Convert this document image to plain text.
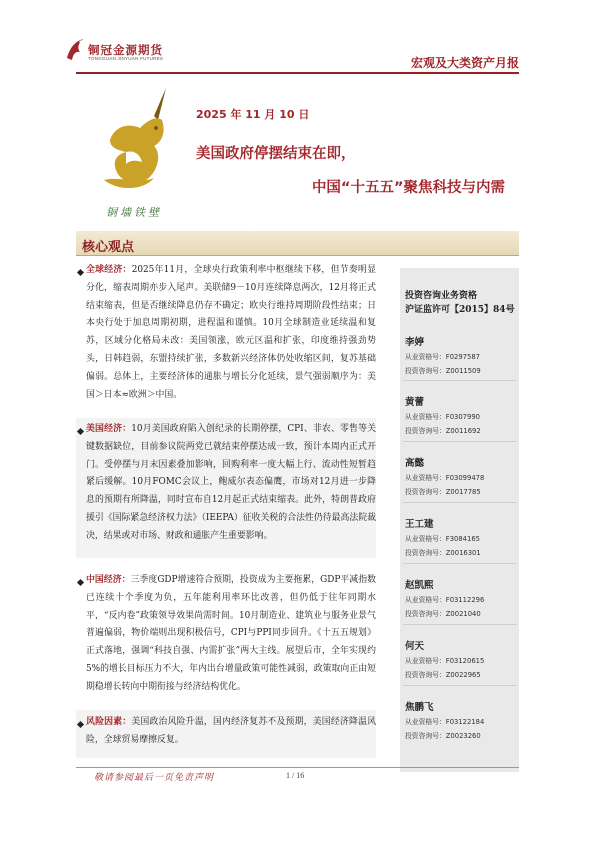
铜冠金源期货
TONGGUAN JINYUAN FUTURES	宏观及大类资产月报
铜墙铁壁
2025 年 11 月 10 日
美国政府停摆结束在即，
中国“十五五”聚焦科技与内需
核心观点
全球经济：2025年11月，全球央行政策利率中枢继续下移，但节奏明显分化，缩表周期亦步入尾声。美联储9－10月连续降息两次，12月将正式结束缩表，但是否继续降息仍存不确定；欧央行维持周期阶段性结束；日本央行处于加息周期初期，进程温和谨慎。10月全球制造业延续温和复苏，区域分化格局未改：美国领涨，欧元区温和扩张，印度维持强劲势头，日韩趋弱，东盟持续扩张，多数新兴经济体仍处收缩区间，复苏基础偏弱。总体上，主要经济体的通胀与增长分化延续，景气强弱顺序为：美国＞日本≈欧洲＞中国。
美国经济：10月美国政府陷入创纪录的长期停摆，CPI、非农、零售等关键数据缺位，目前参议院两党已就结束停摆达成一致，预计本周内正式开门。受停摆与月末因素叠加影响，回购利率一度大幅上行、流动性短暂趋紧后缓解。10月FOMC会议上，鲍威尔表态偏鹰，市场对12月进一步降息的预期有所降温，同时宣布自12月起正式结束缩表。此外，特朗普政府援引《国际紧急经济权力法》（IEEPA）征收关税的合法性仍待最高法院裁决，结果或对市场、财政和通胀产生重要影响。
中国经济：三季度GDP增速符合预期，投资成为主要拖累，GDP平减指数已连续十个季度为负，五年能利用率环比改善，但仍低于往年同期水平，“反内卷”政策领导效果尚需时间。10月制造业、建筑业与服务业景气普遍偏弱，物价端则出现积极信号，CPI与PPI同步回升。《十五五规划》正式落地，强调“科技自强、内需扩张”两大主线。展望后市，全年实现约5%的增长目标压力不大，年内出台增量政策可能性减弱，政策取向正由短期稳增长转向中期衔接与经济结构优化。
风险因素：美国政治风险升温，国内经济复苏不及预期，美国经济降温风险，全球贸易摩擦反复。
投资咨询业务资格
沪证监许可【2015】84号
李婷
从业资格号：F0297587
投资咨询号：Z0011509
黄蕾
从业资格号：F0307990
投资咨询号：Z0011692
高懿
从业资格号：F03099478
投资咨询号：Z0017785
王工建
从业资格号：F3084165
投资咨询号：Z0016301
赵凯熙
从业资格号：F03112296
投资咨询号：Z0021040
何天
从业资格号：F03120615
投资咨询号：Z0022965
焦鹏飞
从业资格号：F03122184
投资咨询号：Z0023260
敬请参阅最后一页免责声明	1 / 16
